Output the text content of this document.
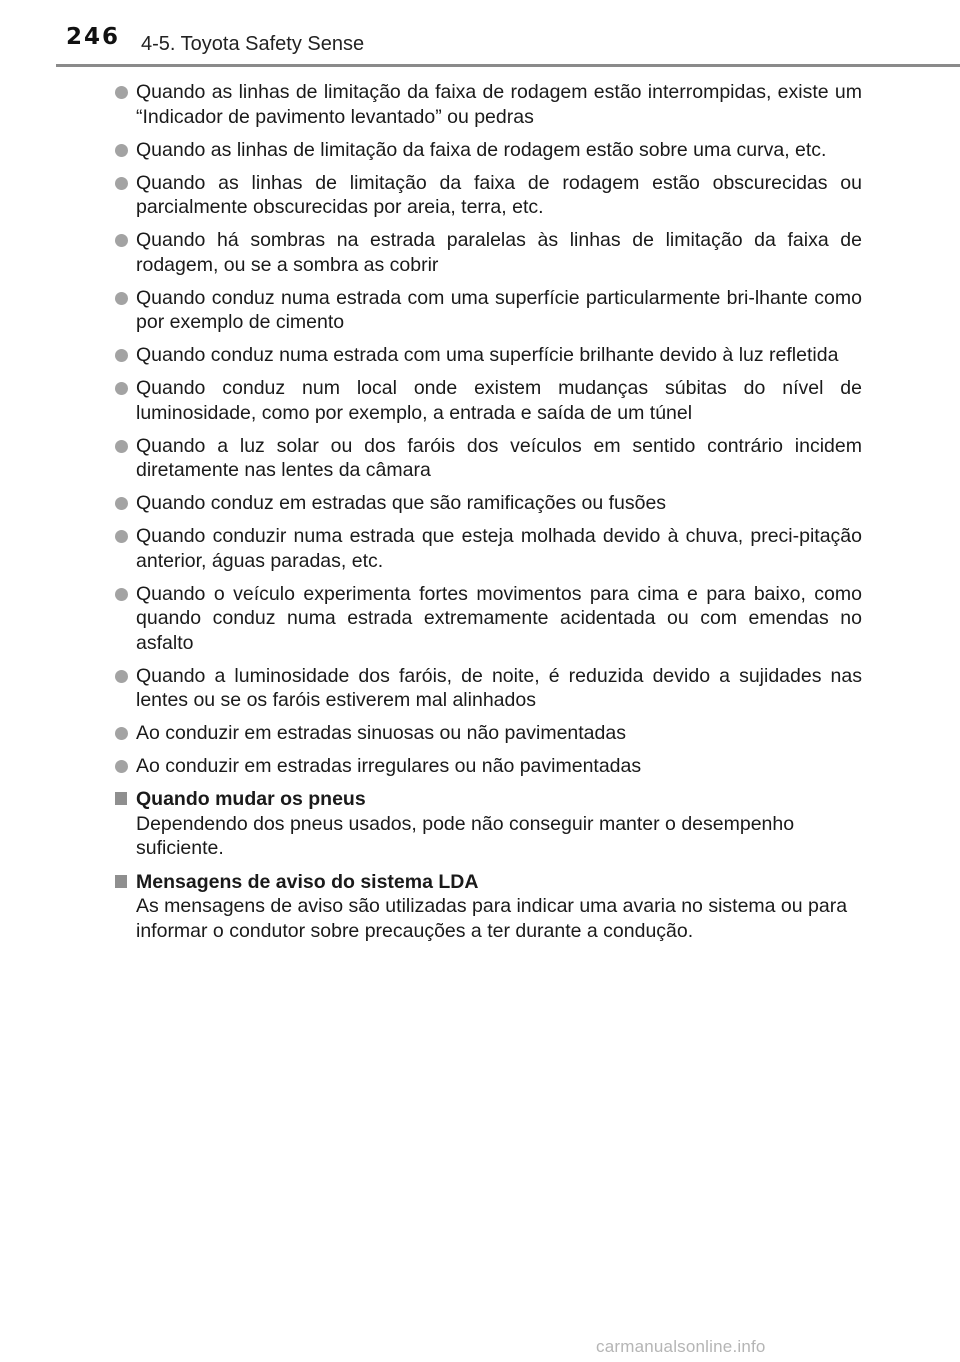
246 4-5. Toyota Safety Sense
Quando as linhas de limitação da faixa de rodagem estão interrompidas, existe um “Indicador de pavimento levantado” ou pedras
Quando as linhas de limitação da faixa de rodagem estão sobre uma curva, etc.
Quando as linhas de limitação da faixa de rodagem estão obscurecidas ou parcialmente obscurecidas por areia, terra, etc.
Quando há sombras na estrada paralelas às linhas de limitação da faixa de rodagem, ou se a sombra as cobrir
Quando conduz numa estrada com uma superfície particularmente bri-lhante como por exemplo de cimento
Quando conduz numa estrada com uma superfície brilhante devido à luz refletida
Quando conduz num local onde existem mudanças súbitas do nível de luminosidade, como por exemplo, a entrada e saída de um túnel
Quando a luz solar ou dos faróis dos veículos em sentido contrário incidem diretamente nas lentes da câmara
Quando conduz em estradas que são ramificações ou fusões
Quando conduzir numa estrada que esteja molhada devido à chuva, preci-pitação anterior, águas paradas, etc.
Quando o veículo experimenta fortes movimentos para cima e para baixo, como quando conduz numa estrada extremamente acidentada ou com emendas no asfalto
Quando a luminosidade dos faróis, de noite, é reduzida devido a sujidades nas lentes ou se os faróis estiverem mal alinhados
Ao conduzir em estradas sinuosas ou não pavimentadas
Ao conduzir em estradas irregulares ou não pavimentadas
Quando mudar os pneus
Dependendo dos pneus usados, pode não conseguir manter o desempenho suficiente.
Mensagens de aviso do sistema LDA
As mensagens de aviso são utilizadas para indicar uma avaria no sistema ou para informar o condutor sobre precauções a ter durante a condução.
carmanualsonline.info
